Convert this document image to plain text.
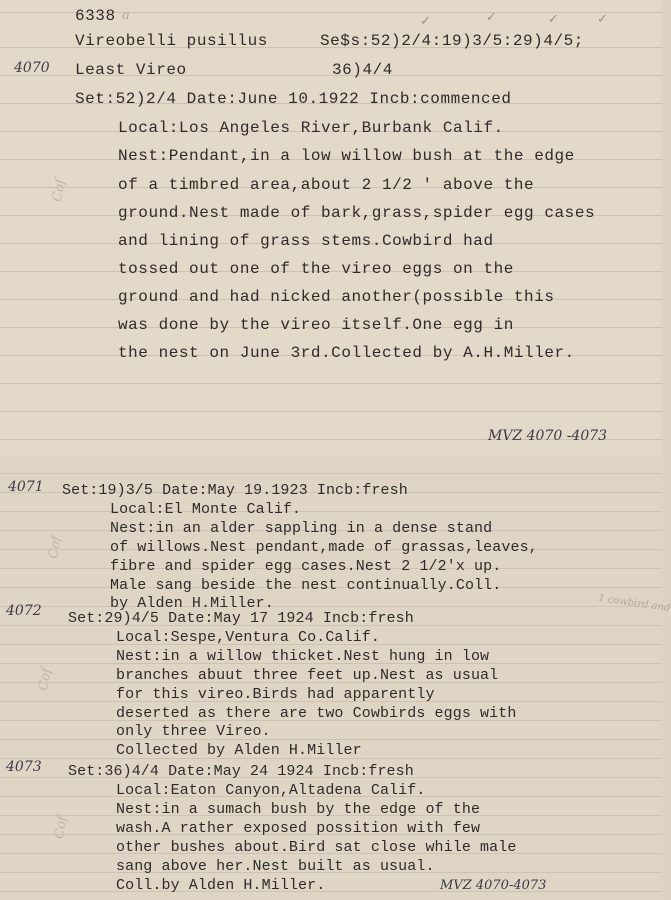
6338 a
Vireobelli pusillus	Se$s:52)2/4:19)3/5:29)4/5;
✓	✓	✓	✓
4070 Least Vireo	36)4/4
Set:52)2/4 Date:June 10.1922 Incb:commenced
Local:Los Angeles River,Burbank Calif.
Nest:Pendant,in a low willow bush at the edge
of a timbred area,about 2 1/2 ' above the
ground.Nest made of bark,grass,spider egg cases
and lining of grass stems.Cowbird had
tossed out one of the vireo eggs on the
ground and had nicked another(possible this
was done by the vireo itself.One egg in
the nest on June 3rd.Collected by A.H.Miller.
Cof
MVZ 4070 -4073
4071 Set:19)3/5 Date:May 19.1923 Incb:fresh
Local:El Monte Calif.
Nest:in an alder sappling in a dense stand
of willows.Nest pendant,made of grassas,leaves,
fibre and spider egg cases.Nest 2 1/2'x up.
Male sang beside the nest continually.Coll.
by Alden H.Miller.
Cof
1 cowbird and
4072 Set:29)4/5 Date:May 17 1924 Incb:fresh
Local:Sespe,Ventura Co.Calif.
Nest:in a willow thicket.Nest hung in low
branches abuut three feet up.Nest as usual
for this vireo.Birds had apparently
deserted as there are two Cowbirds eggs with
only three Vireo.
Collected by Alden H.Miller
Cof
4073 Set:36)4/4 Date:May 24 1924 Incb:fresh
Local:Eaton Canyon,Altadena Calif.
Nest:in a sumach bush by the edge of the
wash.A rather exposed possition with few
other bushes about.Bird sat close while male
sang above her.Nest built as usual.
Coll.by Alden H.Miller.
Cof
MVZ 4070-4073
